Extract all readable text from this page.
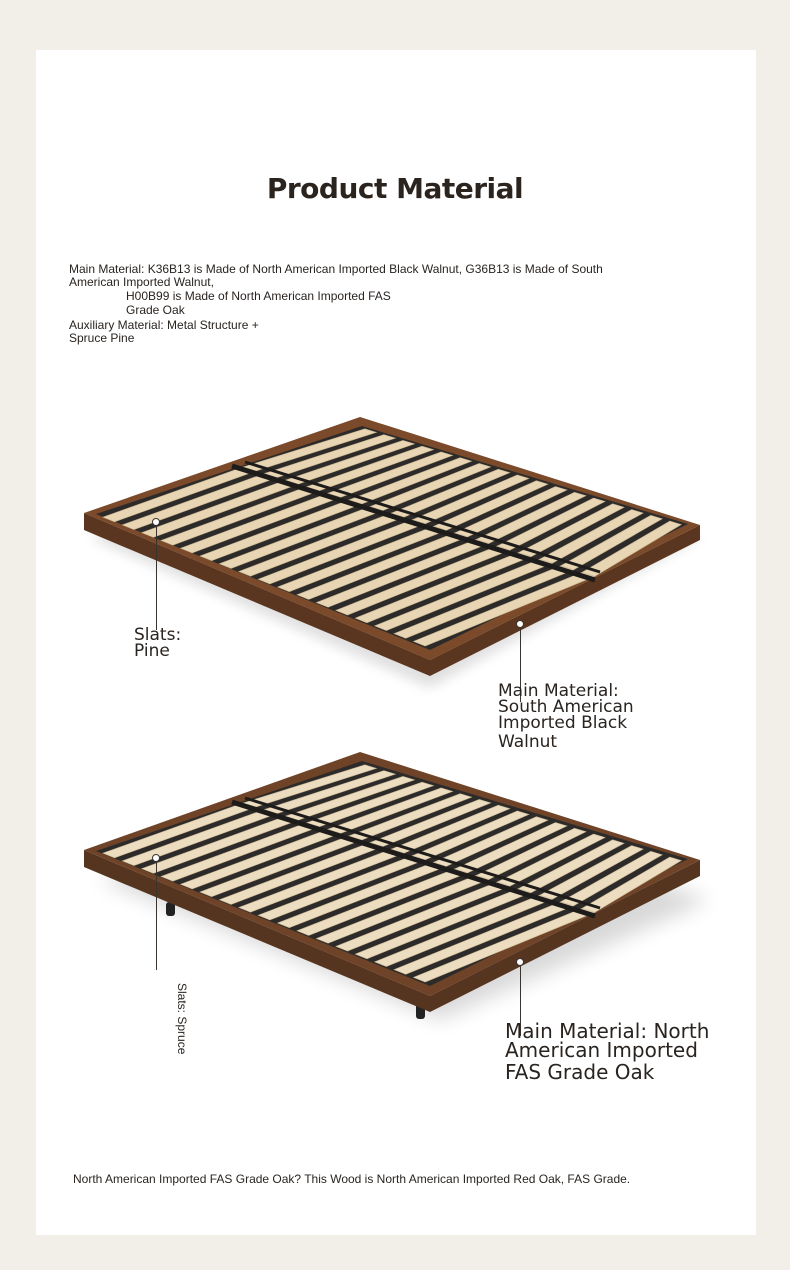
Product Material
Main Material: K36B13 is Made of North American Imported Black Walnut, G36B13 is Made of South
American Imported Walnut,
H00B99 is Made of North American Imported FAS
Grade Oak
Auxiliary Material: Metal Structure +
Spruce Pine
Slats:
Pine
Main Material:
South American
Imported Black
Walnut
Slats: Spruce	Main Material: North
American Imported
FAS Grade Oak
North American Imported FAS Grade Oak? This Wood is North American Imported Red Oak, FAS Grade.
